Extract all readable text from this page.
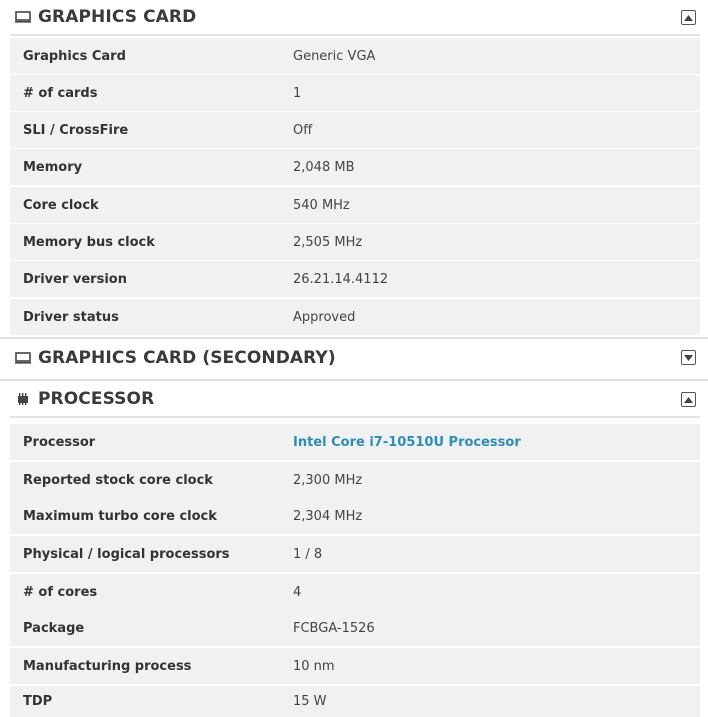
GRAPHICS CARD
Graphics Card	Generic VGA
# of cards	1
SLI / CrossFire	Off
Memory	2,048 MB
Core clock	540 MHz
Memory bus clock	2,505 MHz
Driver version	26.21.14.4112
Driver status	Approved
GRAPHICS CARD (SECONDARY)
PROCESSOR
Processor	Intel Core i7-10510U Processor
Reported stock core clock	2,300 MHz
Maximum turbo core clock	2,304 MHz
Physical / logical processors	1 / 8
# of cores	4
Package	FCBGA-1526
Manufacturing process	10 nm
TDP	15 W
